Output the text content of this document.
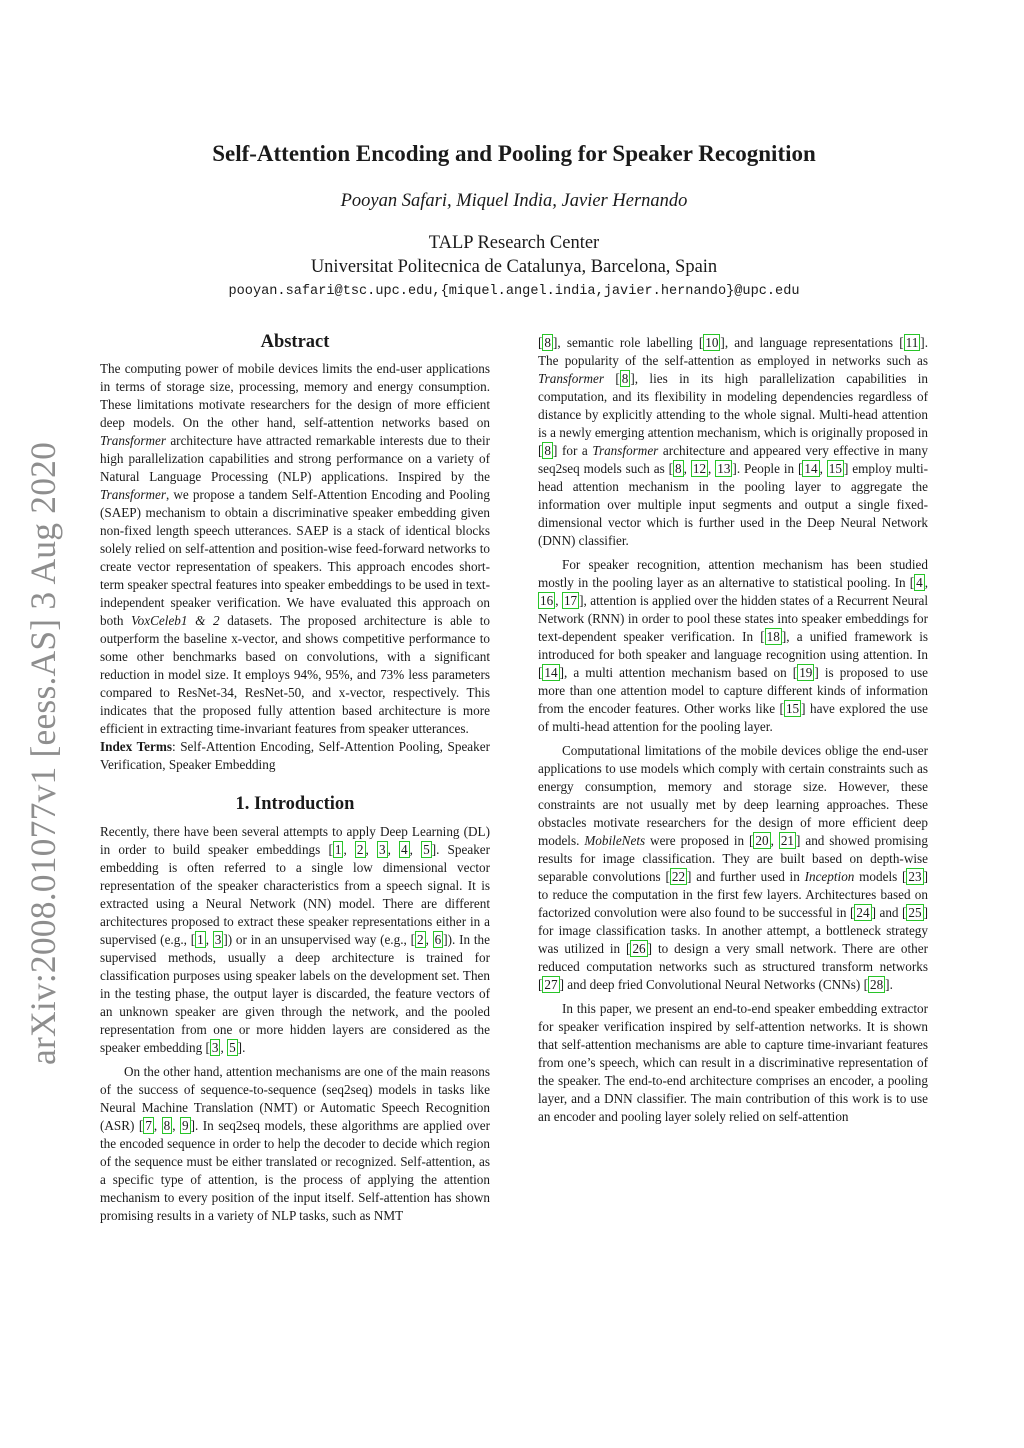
arXiv:2008.01077v1 [eess.AS] 3 Aug 2020
Self-Attention Encoding and Pooling for Speaker Recognition
Pooyan Safari, Miquel India, Javier Hernando
TALP Research Center
Universitat Politecnica de Catalunya, Barcelona, Spain
pooyan.safari@tsc.upc.edu,{miquel.angel.india,javier.hernando}@upc.edu
Abstract

The computing power of mobile devices limits the end-user applications in terms of storage size, processing, memory and energy consumption. These limitations motivate researchers for the design of more efficient deep models. On the other hand, self-attention networks based on Transformer architecture have attracted remarkable interests due to their high parallelization capabilities and strong performance on a variety of Natural Language Processing (NLP) applications. Inspired by the Transformer, we propose a tandem Self-Attention Encoding and Pooling (SAEP) mechanism to obtain a discriminative speaker embedding given non-fixed length speech utterances. SAEP is a stack of identical blocks solely relied on self-attention and position-wise feed-forward networks to create vector representation of speakers. This approach encodes short-term speaker spectral features into speaker embeddings to be used in text-independent speaker verification. We have evaluated this approach on both VoxCeleb1 & 2 datasets. The proposed architecture is able to outperform the baseline x-vector, and shows competitive performance to some other benchmarks based on convolutions, with a significant reduction in model size. It employs 94%, 95%, and 73% less parameters compared to ResNet-34, ResNet-50, and x-vector, respectively. This indicates that the proposed fully attention based architecture is more efficient in extracting time-invariant features from speaker utterances.

Index Terms: Self-Attention Encoding, Self-Attention Pooling, Speaker Verification, Speaker Embedding

1. Introduction

Recently, there have been several attempts to apply Deep Learning (DL) in order to build speaker embeddings [ 1 , 2 , 3 , 4 , 5 ]. Speaker embedding is often referred to a single low dimensional vector representation of the speaker characteristics from a speech signal. It is extracted using a Neural Network (NN) model. There are different architectures proposed to extract these speaker representations either in a supervised (e.g., [ 1 , 3 ]) or in an unsupervised way (e.g., [ 2 , 6 ]). In the supervised methods, usually a deep architecture is trained for classification purposes using speaker labels on the development set. Then in the testing phase, the output layer is discarded, the feature vectors of an unknown speaker are given through the network, and the pooled representation from one or more hidden layers are considered as the speaker embedding [ 3 , 5 ].

On the other hand, attention mechanisms are one of the main reasons of the success of sequence-to-sequence (seq2seq) models in tasks like Neural Machine Translation (NMT) or Automatic Speech Recognition (ASR) [ 7 , 8 , 9 ]. In seq2seq models, these algorithms are applied over the encoded sequence in order to help the decoder to decide which region of the sequence must be either translated or recognized. Self-attention, as a specific type of attention, is the process of applying the attention mechanism to every position of the input itself. Self-attention has shown promising results in a variety of NLP tasks, such as NMT

[ 8 ], semantic role labelling [ 10 ], and language representations [ 11 ]. The popularity of the self-attention as employed in networks such as Transformer [ 8 ], lies in its high parallelization capabilities in computation, and its flexibility in modeling dependencies regardless of distance by explicitly attending to the whole signal. Multi-head attention is a newly emerging attention mechanism, which is originally proposed in [ 8 ] for a Transformer architecture and appeared very effective in many seq2seq models such as [ 8 , 12 , 13 ]. People in [ 14 , 15 ] employ multi-head attention mechanism in the pooling layer to aggregate the information over multiple input segments and output a single fixed-dimensional vector which is further used in the Deep Neural Network (DNN) classifier.

For speaker recognition, attention mechanism has been studied mostly in the pooling layer as an alternative to statistical pooling. In [ 4 , 16 , 17 ], attention is applied over the hidden states of a Recurrent Neural Network (RNN) in order to pool these states into speaker embeddings for text-dependent speaker verification. In [ 18 ], a unified framework is introduced for both speaker and language recognition using attention. In [ 14 ], a multi attention mechanism based on [ 19 ] is proposed to use more than one attention model to capture different kinds of information from the encoder features. Other works like [ 15 ] have explored the use of multi-head attention for the pooling layer.

Computational limitations of the mobile devices oblige the end-user applications to use models which comply with certain constraints such as energy consumption, memory and storage size. However, these constraints are not usually met by deep learning approaches. These obstacles motivate researchers for the design of more efficient deep models. MobileNets were proposed in [ 20 , 21 ] and showed promising results for image classification. They are built based on depth-wise separable convolutions [ 22 ] and further used in Inception models [ 23 ] to reduce the computation in the first few layers. Architectures based on factorized convolution were also found to be successful in [ 24 ] and [ 25 ] for image classification tasks. In another attempt, a bottleneck strategy was utilized in [ 26 ] to design a very small network. There are other reduced computation networks such as structured transform networks [ 27 ] and deep fried Convolutional Neural Networks (CNNs) [ 28 ].

In this paper, we present an end-to-end speaker embedding extractor for speaker verification inspired by self-attention networks. It is shown that self-attention mechanisms are able to capture time-invariant features from one’s speech, which can result in a discriminative representation of the speaker. The end-to-end architecture comprises an encoder, a pooling layer, and a DNN classifier. The main contribution of this work is to use an encoder and pooling layer solely relied on self-attention
